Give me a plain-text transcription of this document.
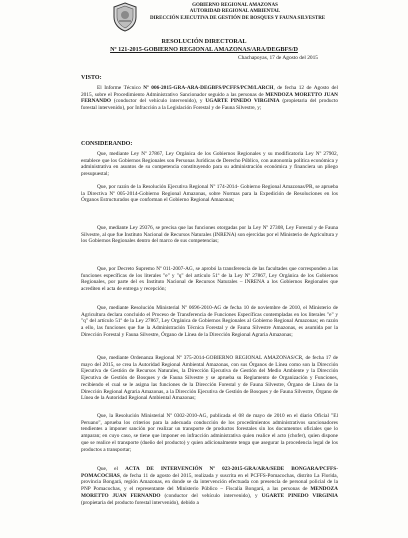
GOBIERNO REGIONAL AMAZONAS
AUTORIDAD REGIONAL AMBIENTAL
DIRECCIÓN EJECUTIVA DE GESTIÓN DE BOSQUES Y FAUNA SILVESTRE
RESOLUCIÓN DIRECTORAL
Nº 121-2015-GOBIERNO REGIONAL AMAZONAS/ARA/DEGBFS/D
Chachapoyas, 17 de Agosto del 2015
VISTO:
El Informe Técnico Nº 006-2015-GRA-ARA-DEGBFS/PCFFS/PCM/LARCH, de fecha 12 de Agosto del 2015, sobre el Procedimiento Administrativo Sancionador seguido a las personas de MENDOZA MORETTO JUAN FERNANDO (conductor del vehículo intervenido), y UGARTE PINEDO VIRGINIA (propietaria del producto forestal intervenido), por Infracción a la Legislación Forestal y de Fauna Silvestre, y;
CONSIDERANDO:
Que, mediante Ley Nº 27867, Ley Orgánica de los Gobiernos Regionales y su modificatoria Ley Nº 27902, establece que los Gobiernos Regionales son Personas Jurídicas de Derecho Público, con autonomía política económica y administrativa en asuntos de su competencia constituyendo para su administración económica y financiera un pliego presupuestal;
Que, por razón de la Resolución Ejecutiva Regional Nº 174-2014- Gobierno Regional Amazonas/PR, se aprueba la Directiva Nº 005-2014-Gobierno Regional Amazonas, sobre Normas para la Expedición de Resoluciones en los Órganos Estructurados que conforman el Gobierno Regional Amazonas;
Que, mediante Ley 29376, se precisa que las funciones otorgadas por la Ley Nº 27308, Ley Forestal y de Fauna Silvestre, al que fue Instituto Nacional de Recursos Naturales (INRENA) son ejercidas por el Ministerio de Agricultura y los Gobiernos Regionales dentro del marco de sus competencias;
Que, por Decreto Supremo Nº 011-2007-AG, se aprobó la transferencia de las facultades que corresponden a las funciones específicas de los literales "e" y "q" del artículo 51º de la Ley Nº 27867, Ley Orgánica de los Gobiernos Regionales, por parte del ex Instituto Nacional de Recursos Naturales – INRENA a los Gobiernos Regionales que acrediten el acta de entrega y recepción;
Que, mediante Resolución Ministerial Nº 0696-2010-AG de fecha 10 de noviembre de 2010, el Ministerio de Agricultura declara concluido el Proceso de Transferencia de Funciones Específicas contempladas en los literales "e" y "q" del artículo 51º de la Ley 27867, Ley Orgánica de Gobiernos Regionales al Gobierno Regional Amazonas; en razón a ello, las funciones que fue la Administración Técnica Forestal y de Fauna Silvestre Amazonas, es asumida por la Dirección Forestal y Fauna Silvestre, Órgano de Línea de la Dirección Regional Agraria Amazonas;
Que, mediante Ordenanza Regional Nº 375-2014-GOBIERNO REGIONAL AMAZONAS/CR, de fecha 17 de mayo del 2015, se crea la Autoridad Regional Ambiental Amazonas, con sus Órganos de Línea como son la Dirección Ejecutiva de Gestión de Recursos Naturales, la Dirección Ejecutiva de Gestión del Medio Ambiente y la Dirección Ejecutiva de Gestión de Bosques y de Fauna Silvestre y se aprueba su Reglamento de Organización y Funciones, recibiendo el cual se le asigna las funciones de la Dirección Forestal y de Fauna Silvestre, Órgano de Línea de la Dirección Regional Agraria Amazonas, a la Dirección Ejecutiva de Gestión de Bosques y de Fauna Silvestre, Órgano de Línea de la Autoridad Regional Ambiental Amazonas;
Que, la Resolución Ministerial Nº 0302-2010-AG, publicada el 08 de mayo de 2010 en el diario Oficial "El Peruano", aprueba los criterios para la adecuada conducción de los procedimientos administrativos sancionadores tendientes a imponer sanción por realizar un transporte de productos forestales sin los documentos oficiales que lo amparan; en cuyo caso, se tiene que imponer en infracción administrativa quien realice el acto (chofer), quien dispone que se realice el transporte (dueño del producto) y quien adicionalmente tenga que asegurar la procedencia legal de los productos a transportar;
Que, el ACTA DE INTERVENCIÓN Nº 023-2015-GRA/ARA/SEDE BONGARA/PCFFS-POMACOCHAS, de fecha 11 de agosto del 2015, realizada y suscrita en el PCFFS-Pomacochas, distrito La Florida, provincia Bongará, región Amazonas, en donde se da intervención efectuada con presencia de personal policial de la PNP Pomacochas, y el representante del Ministerio Público – Fiscalía Bongará, a las personas de MENDOZA MORETTO JUAN FERNANDO (conductor del vehículo intervenido), y UGARTE PINEDO VIRGINIA (propietaria del producto forestal intervenido), debido a
